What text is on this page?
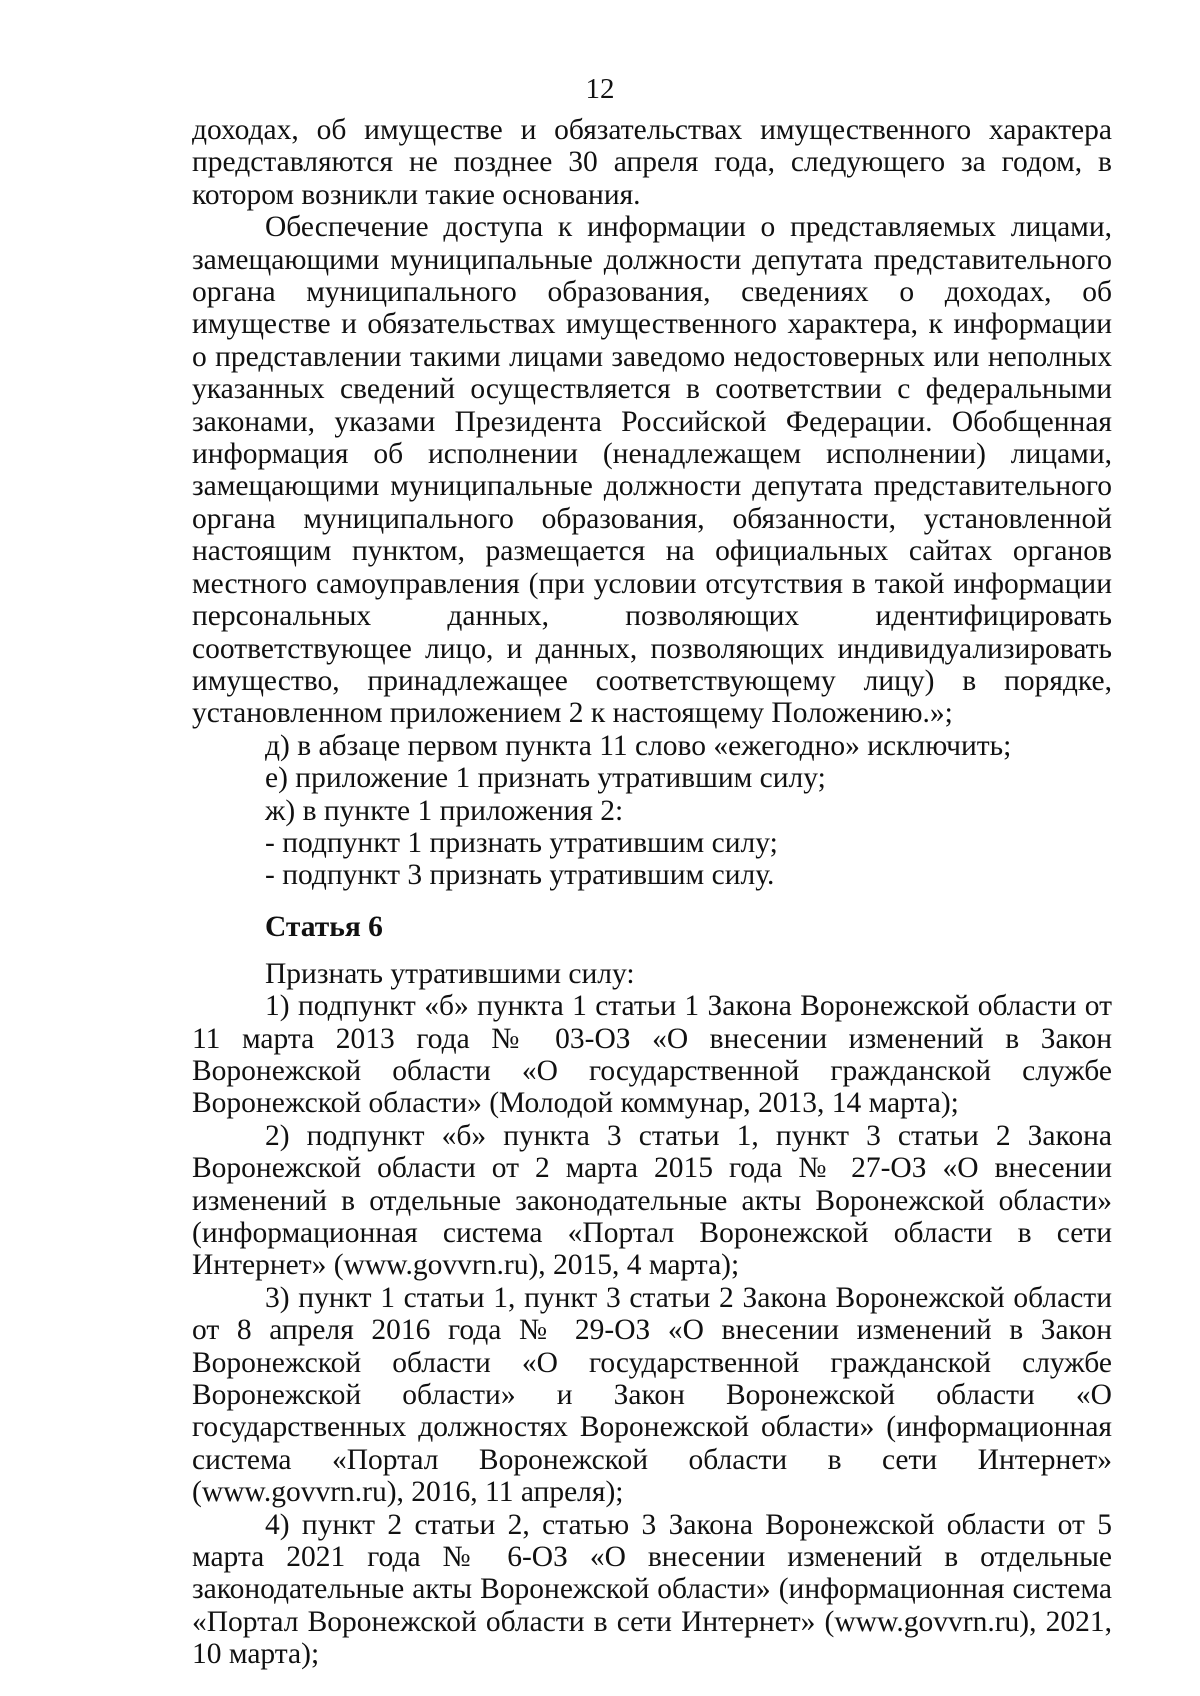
12

доходах, об имуществе и обязательствах имущественного характера представляются не позднее 30 апреля года, следующего за годом, в котором возникли такие основания.

Обеспечение доступа к информации о представляемых лицами, замещающими муниципальные должности депутата представительного органа муниципального образования, сведениях о доходах, об имуществе и обязательствах имущественного характера, к информации о представлении такими лицами заведомо недостоверных или неполных указанных сведений осуществляется в соответствии с федеральными законами, указами Президента Российской Федерации. Обобщенная информация об исполнении (ненадлежащем исполнении) лицами, замещающими муниципальные должности депутата представительного органа муниципального образования, обязанности, установленной настоящим пунктом, размещается на официальных сайтах органов местного самоуправления (при условии отсутствия в такой информации персональных данных, позволяющих идентифицировать соответствующее лицо, и данных, позволяющих индивидуализировать имущество, принадлежащее соответствующему лицу) в порядке, установленном приложением 2 к настоящему Положению.»;

д) в абзаце первом пункта 11 слово «ежегодно» исключить;

е) приложение 1 признать утратившим силу;

ж) в пункте 1 приложения 2:

- подпункт 1 признать утратившим силу;

- подпункт 3 признать утратившим силу.

Статья 6

Признать утратившими силу:

1) подпункт «б» пункта 1 статьи 1 Закона Воронежской области от 11 марта 2013 года № 03-ОЗ «О внесении изменений в Закон Воронежской области «О государственной гражданской службе Воронежской области» (Молодой коммунар, 2013, 14 марта);

2) подпункт «б» пункта 3 статьи 1, пункт 3 статьи 2 Закона Воронежской области от 2 марта 2015 года № 27-ОЗ «О внесении изменений в отдельные законодательные акты Воронежской области» (информационная система «Портал Воронежской области в сети Интернет» (www.govvrn.ru), 2015, 4 марта);

3) пункт 1 статьи 1, пункт 3 статьи 2 Закона Воронежской области от 8 апреля 2016 года № 29-ОЗ «О внесении изменений в Закон Воронежской области «О государственной гражданской службе Воронежской области» и Закон Воронежской области «О государственных должностях Воронежской области» (информационная система «Портал Воронежской области в сети Интернет» (www.govvrn.ru), 2016, 11 апреля);

4) пункт 2 статьи 2, статью 3 Закона Воронежской области от 5 марта 2021 года № 6-ОЗ «О внесении изменений в отдельные законодательные акты Воронежской области» (информационная система «Портал Воронежской области в сети Интернет» (www.govvrn.ru), 2021, 10 марта);
